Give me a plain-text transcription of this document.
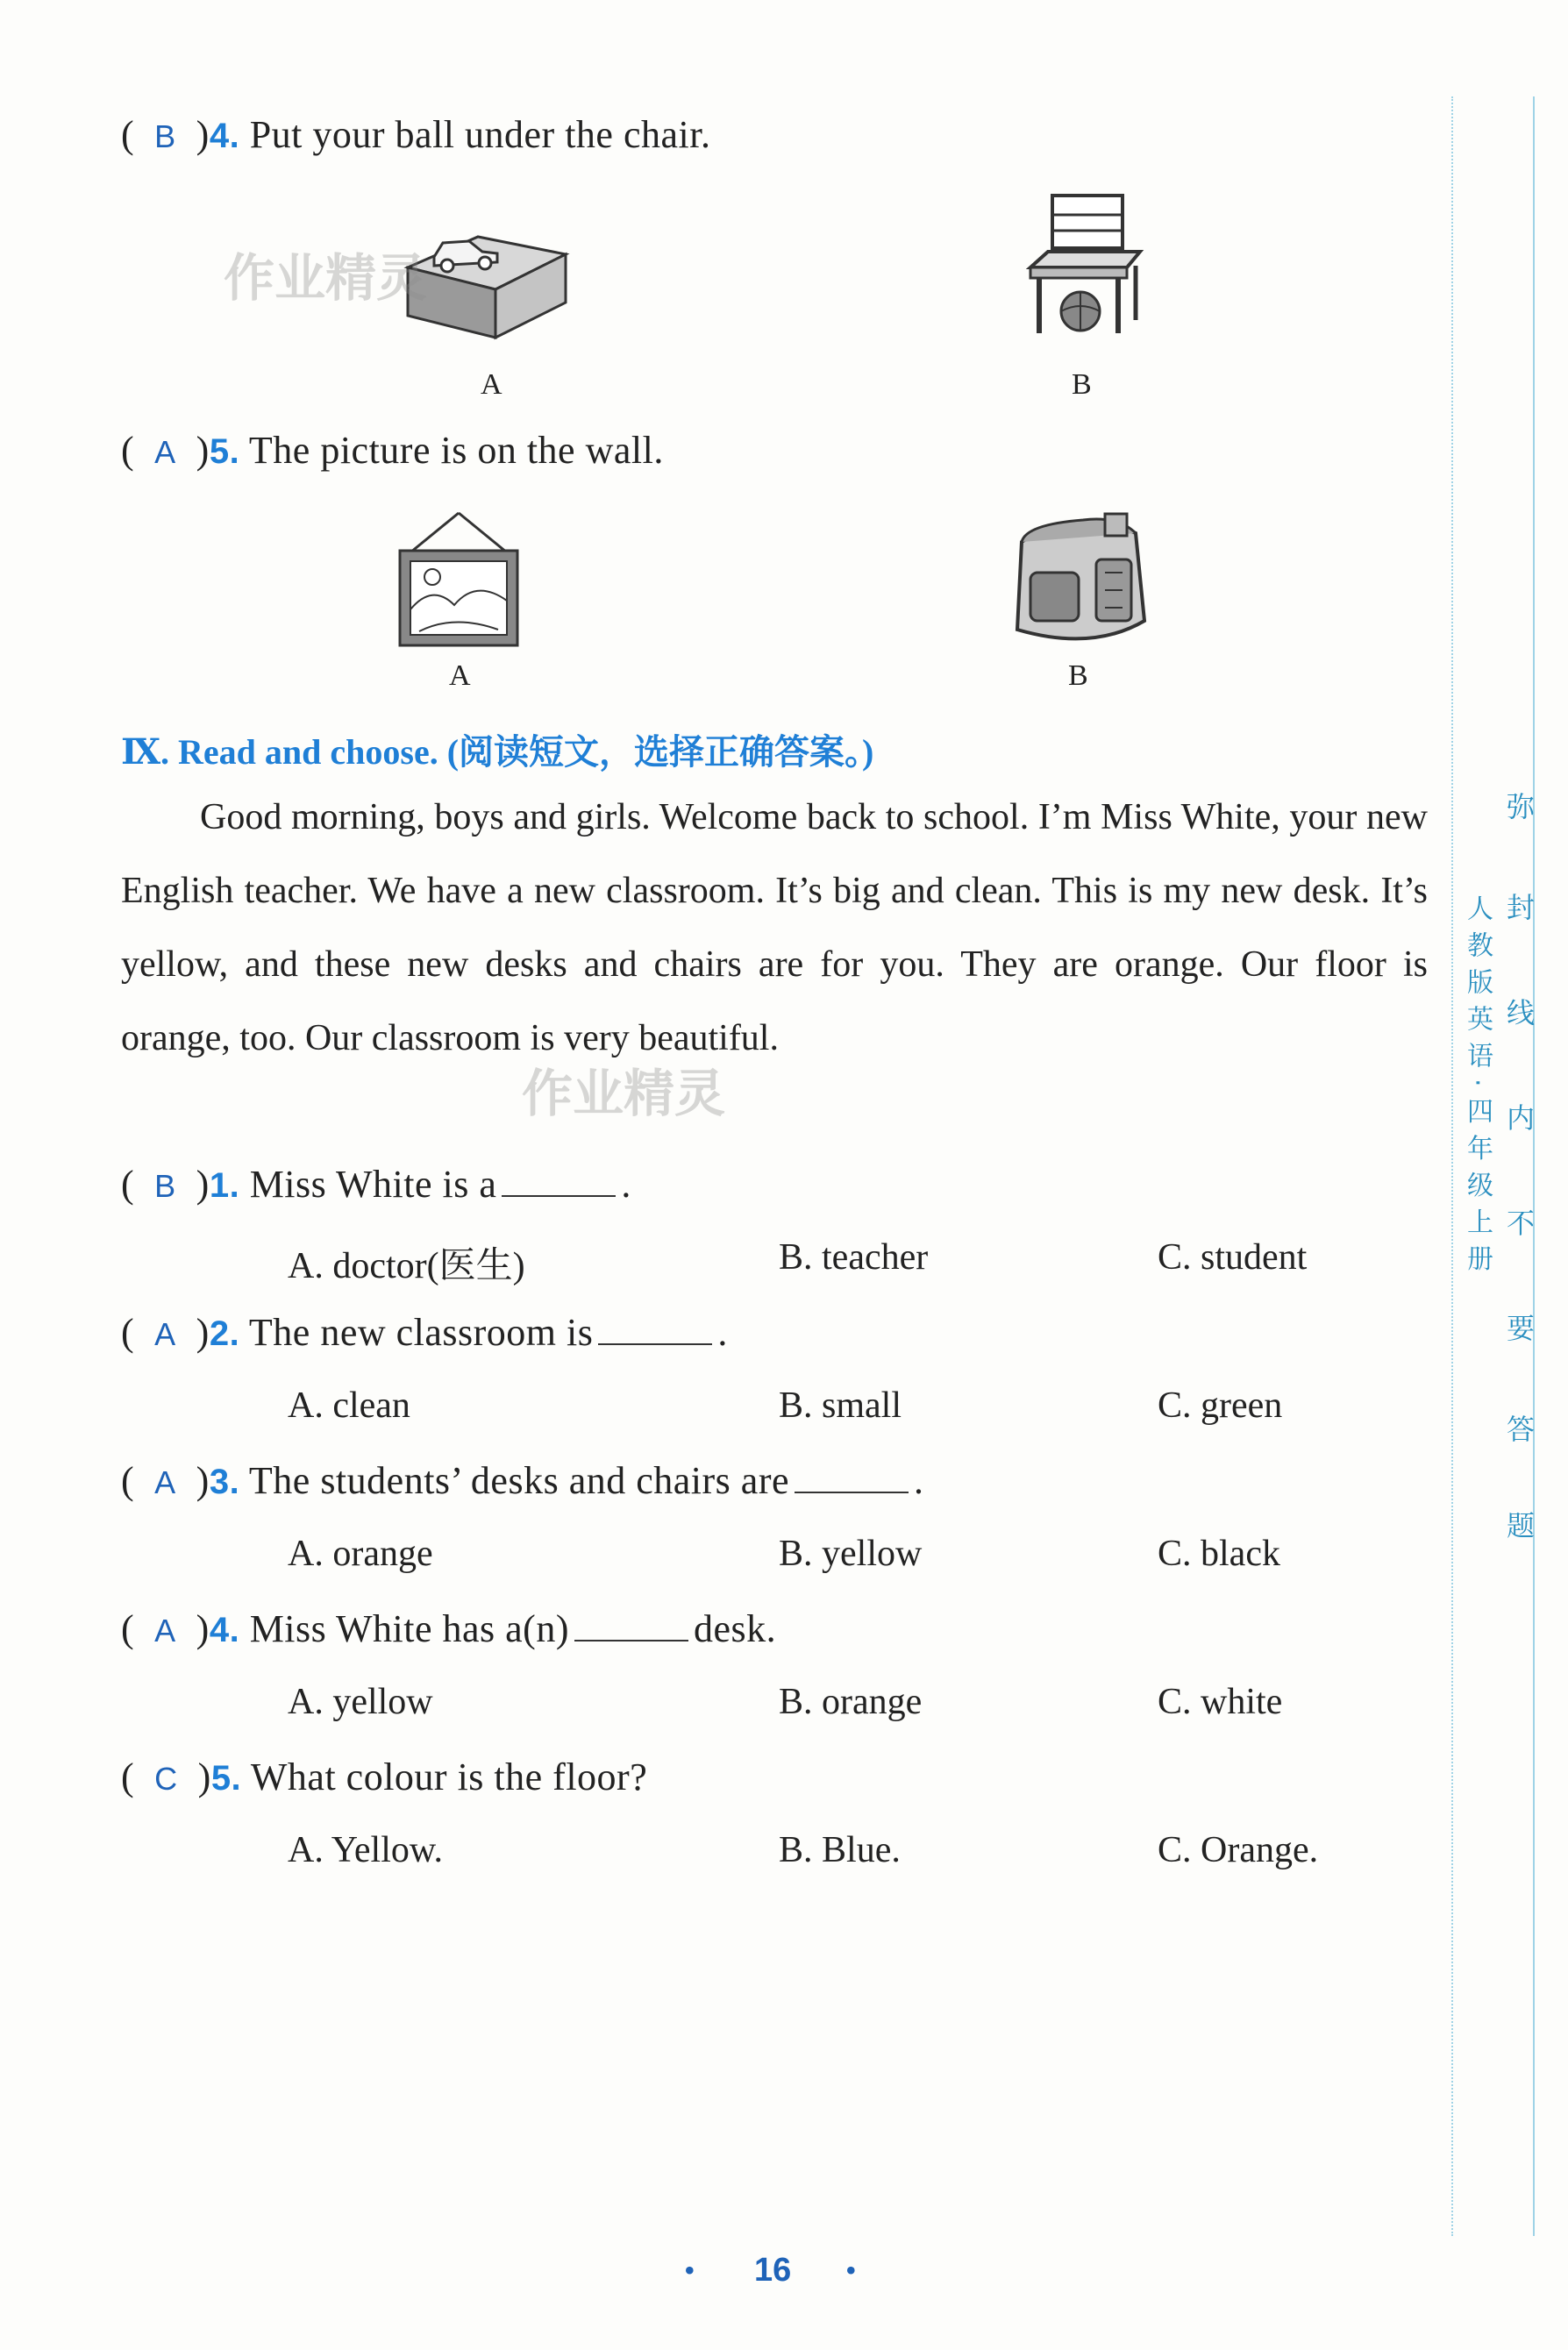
(  B  )4. Put your ball under the chair.
作业精灵
A	B
(  A  )5. The picture is on the wall.
A	B
Ⅸ. Read and choose. (阅读短文，选择正确答案。)
Good morning, boys and girls. Welcome back to school. I’m Miss White, your new English teacher. We have a new classroom. It’s big and clean. This is my new desk. It’s yellow, and these new desks and chairs are for you. They are orange. Our floor is orange, too. Our classroom is very beautiful.
作业精灵
(  B  )1. Miss White is a	.
A. doctor(医生)	B. teacher	C. student
(  A  )2. The new classroom is	.
A. clean	B. small	C. green
(  A  )3. The students’ desks and chairs are	.
A. orange	B. yellow	C. black
(  A  )4. Miss White has a(n)	desk.
A. yellow	B. orange	C. white
(  C  )5. What colour is the floor?
A. Yellow.	B. Blue.	C. Orange.
弥
封
线
内
不
要
答
题
人教版英语·四年级上册
• 16 •
